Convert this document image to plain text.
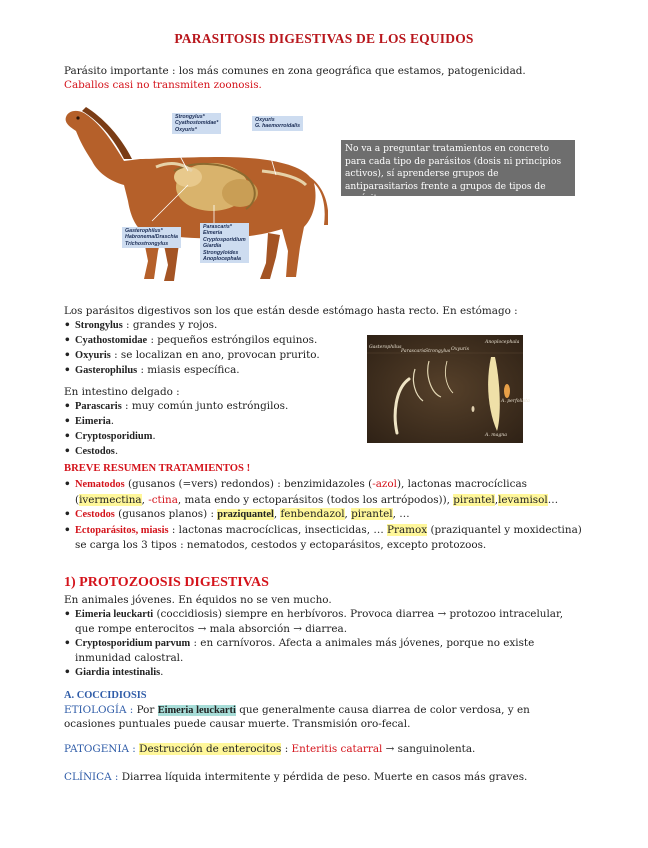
PARASITOSIS DIGESTIVAS DE LOS EQUIDOS
Parásito importante : los más comunes en zona geográfica que estamos, patogenicidad.
Caballos casi no transmiten zoonosis.
Strongylus*
Cyathostomidae*
Oxyuris*
Oxyuris
G. haemorroidalis
Gasterophilus*
Habronema/Draschia
Trichostrongylus
Parascaris*
Eimeria
Cryptosporidium
Giardia
Strongyloides
Anoplocephala
No va a preguntar tratamientos en concreto para cada tipo de parásitos (dosis ni principios activos), sí aprenderse grupos de antiparasitarios frente a grupos de tipos de parásitos.
Los parásitos digestivos son los que están desde estómago hasta recto. En estómago :
• Strongylus : grandes y rojos.
• Cyathostomidae : pequeños estróngilos equinos.
• Oxyuris : se localizan en ano, provocan prurito.
• Gasterophilus : miasis específica.
En intestino delgado :
• Parascaris : muy común junto estróngilos.
• Eimeria.
• Cryptosporidium.
• Cestodos.
Gasterophilus
Parascaris Strongylus Oxyuris
Anoplocephala
A. perfoliata
A. magna
BREVE RESUMEN TRATAMIENTOS !
• Nematodos (gusanos (=vers) redondos) : benzimidazoles (-azol), lactonas macrocíclicas (ivermectina, -ctina, mata endo y ectoparásitos (todos los artrópodos)), pirantel,levamisol…
• Cestodos (gusanos planos) : praziquantel, fenbendazol, pirantel, …
• Ectoparásitos, miasis : lactonas macrocíclicas, insecticidas, … Pramox (praziquantel y moxidectina) se carga los 3 tipos : nematodos, cestodos y ectoparásitos, excepto protozoos.
1) PROTOZOOSIS DIGESTIVAS
En animales jóvenes. En équidos no se ven mucho.
• Eimeria leuckarti (coccidiosis) siempre en herbívoros. Provoca diarrea → protozoo intracelular, que rompe enterocitos → mala absorción → diarrea.
• Cryptosporidium parvum : en carnívoros. Afecta a animales más jóvenes, porque no existe inmunidad calostral.
• Giardia intestinalis.
A. COCCIDIOSIS
ETIOLOGÍA : Por Eimeria leuckarti que generalmente causa diarrea de color verdosa, y en
ocasiones puntuales puede causar muerte. Transmisión oro-fecal.
PATOGENIA : Destrucción de enterocitos : Enteritis catarral → sanguinolenta.
CLÍNICA : Diarrea líquida intermitente y pérdida de peso. Muerte en casos más graves.
